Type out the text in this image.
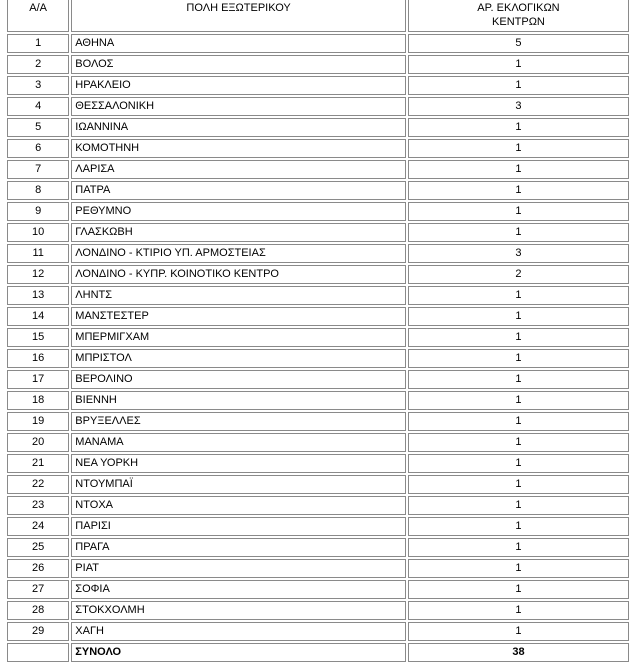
Α/Α	ΠΟΛΗ ΕΞΩΤΕΡΙΚΟΥ	ΑΡ. ΕΚΛΟΓΙΚΩΝ
ΚΕΝΤΡΩΝ

1	ΑΘΗΝΑ	5
2	ΒΟΛΟΣ	1
3	ΗΡΑΚΛΕΙΟ	1
4	ΘΕΣΣΑΛΟΝΙΚΗ	3
5	ΙΩΑΝΝΙΝΑ	1
6	ΚΟΜΟΤΗΝΗ	1
7	ΛΑΡΙΣΑ	1
8	ΠΑΤΡΑ	1
9	ΡΕΘΥΜΝΟ	1
10	ΓΛΑΣΚΩΒΗ	1
11	ΛΟΝΔΙΝΟ - ΚΤΙΡΙΟ ΥΠ. ΑΡΜΟΣΤΕΙΑΣ	3
12	ΛΟΝΔΙΝΟ - ΚΥΠΡ. ΚΟΙΝΟΤΙΚΟ ΚΕΝΤΡΟ	2
13	ΛΗΝΤΣ	1
14	ΜΑΝΣΤΕΣΤΕΡ	1
15	ΜΠΕΡΜΙΓΧΑΜ	1
16	ΜΠΡΙΣΤΟΛ	1
17	ΒΕΡΟΛΙΝΟ	1
18	ΒΙΕΝΝΗ	1
19	ΒΡΥΞΕΛΛΕΣ	1
20	ΜΑΝΑΜΑ	1
21	ΝΕΑ ΥΟΡΚΗ	1
22	ΝΤΟΥΜΠΑΪ	1
23	ΝΤΟΧΑ	1
24	ΠΑΡΙΣΙ	1
25	ΠΡΑΓΑ	1
26	ΡΙΑΤ	1
27	ΣΟΦΙΑ	1
28	ΣΤΟΚΧΟΛΜΗ	1
29	ΧΑΓΗ	1
	ΣΥΝΟΛΟ	38
